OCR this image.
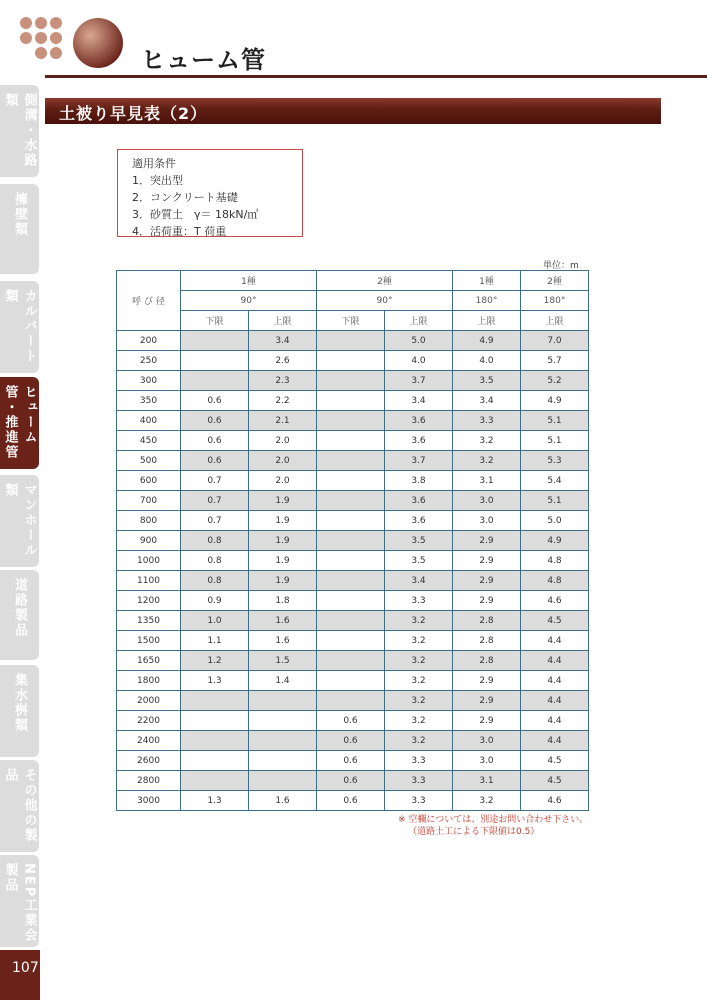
ヒューム管
土被り早見表（2）
側溝・水路類
擁壁類
カルバート類
ヒューム管・推進管
マンホール類
道路製品
集水桝類
その他の製品
NEP工業会製品
107
適用条件
1．突出型
2．コンクリート基礎
3．砂質土　γ＝ 18kN/㎥
4．活荷重：T 荷重
単位：m
呼 び 径	1種		2種		1種	2種
	90°		90°		180°	180°
	下限	上限	下限	上限	上限	上限
200		3.4		5.0	4.9	7.0
250		2.6		4.0	4.0	5.7
300		2.3		3.7	3.5	5.2
350	0.6	2.2		3.4	3.4	4.9
400	0.6	2.1		3.6	3.3	5.1
450	0.6	2.0		3.6	3.2	5.1
500	0.6	2.0		3.7	3.2	5.3
600	0.7	2.0		3.8	3.1	5.4
700	0.7	1.9		3.6	3.0	5.1
800	0.7	1.9		3.6	3.0	5.0
900	0.8	1.9		3.5	2.9	4.9
1000	0.8	1.9		3.5	2.9	4.8
1100	0.8	1.9		3.4	2.9	4.8
1200	0.9	1.8		3.3	2.9	4.6
1350	1.0	1.6		3.2	2.8	4.5
1500	1.1	1.6		3.2	2.8	4.4
1650	1.2	1.5		3.2	2.8	4.4
1800	1.3	1.4		3.2	2.9	4.4
2000				3.2	2.9	4.4
2200			0.6	3.2	2.9	4.4
2400			0.6	3.2	3.0	4.4
2600			0.6	3.3	3.0	4.5
2800			0.6	3.3	3.1	4.5
3000	1.3	1.6	0.6	3.3	3.2	4.6
※ 空欄については、別途お問い合わせ下さい。
（道路土工による下限値は0.5）
